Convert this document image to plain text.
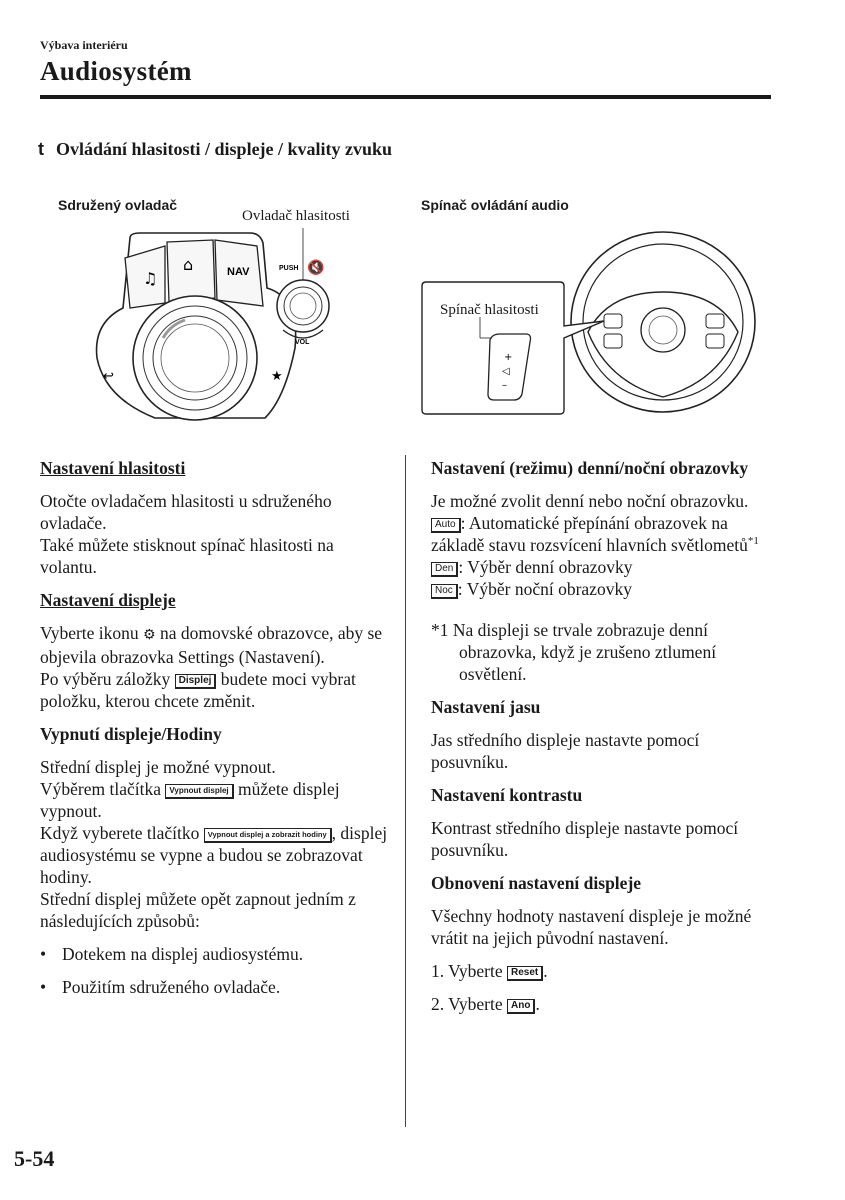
Výbava interiéru
Audiosystém
t Ovládání hlasitosti / displeje / kvality zvuku
Sdružený ovladač
Ovladač hlasitosti
Spínač ovládání audio
♫
⌂	NAV
↩	★
PUSH 🔇
VOL
+
◁
–
Spínač hlasitosti

Nastavení hlasitosti

Otočte ovladačem hlasitosti u sdruženého ovladače.

Také můžete stisknout spínač hlasitosti na volantu.

Nastavení displeje

Vyberte ikonu ⚙ na domovské obrazovce, aby se objevila obrazovka Settings (Nastavení).

Po výběru záložky Displej budete moci vybrat položku, kterou chcete změnit.

Vypnutí displeje/Hodiny

Střední displej je možné vypnout.

Výběrem tlačítka Vypnout displej můžete displej vypnout.

Když vyberete tlačítko Vypnout displej a zobrazit hodiny , displej audiosystému se vypne a budou se zobrazovat hodiny.

Střední displej můžete opět zapnout jedním z následujících způsobů:

• Dotekem na displej audiosystému.

• Použitím sdruženého ovladače.

Nastavení (režimu) denní/noční obrazovky

Je možné zvolit denní nebo noční obrazovku.

Auto : Automatické přepínání obrazovek na základě stavu rozsvícení hlavních světlometů$^{*1}$

Den : Výběr denní obrazovky

Noc : Výběr noční obrazovky

*1 Na displeji se trvale zobrazuje denní obrazovka, když je zrušeno ztlumení osvětlení.

Nastavení jasu

Jas středního displeje nastavte pomocí posuvníku.

Nastavení kontrastu

Kontrast středního displeje nastavte pomocí posuvníku.

Obnovení nastavení displeje

Všechny hodnoty nastavení displeje je možné vrátit na jejich původní nastavení.

1. Vyberte Reset .

2. Vyberte Ano .

5-54
